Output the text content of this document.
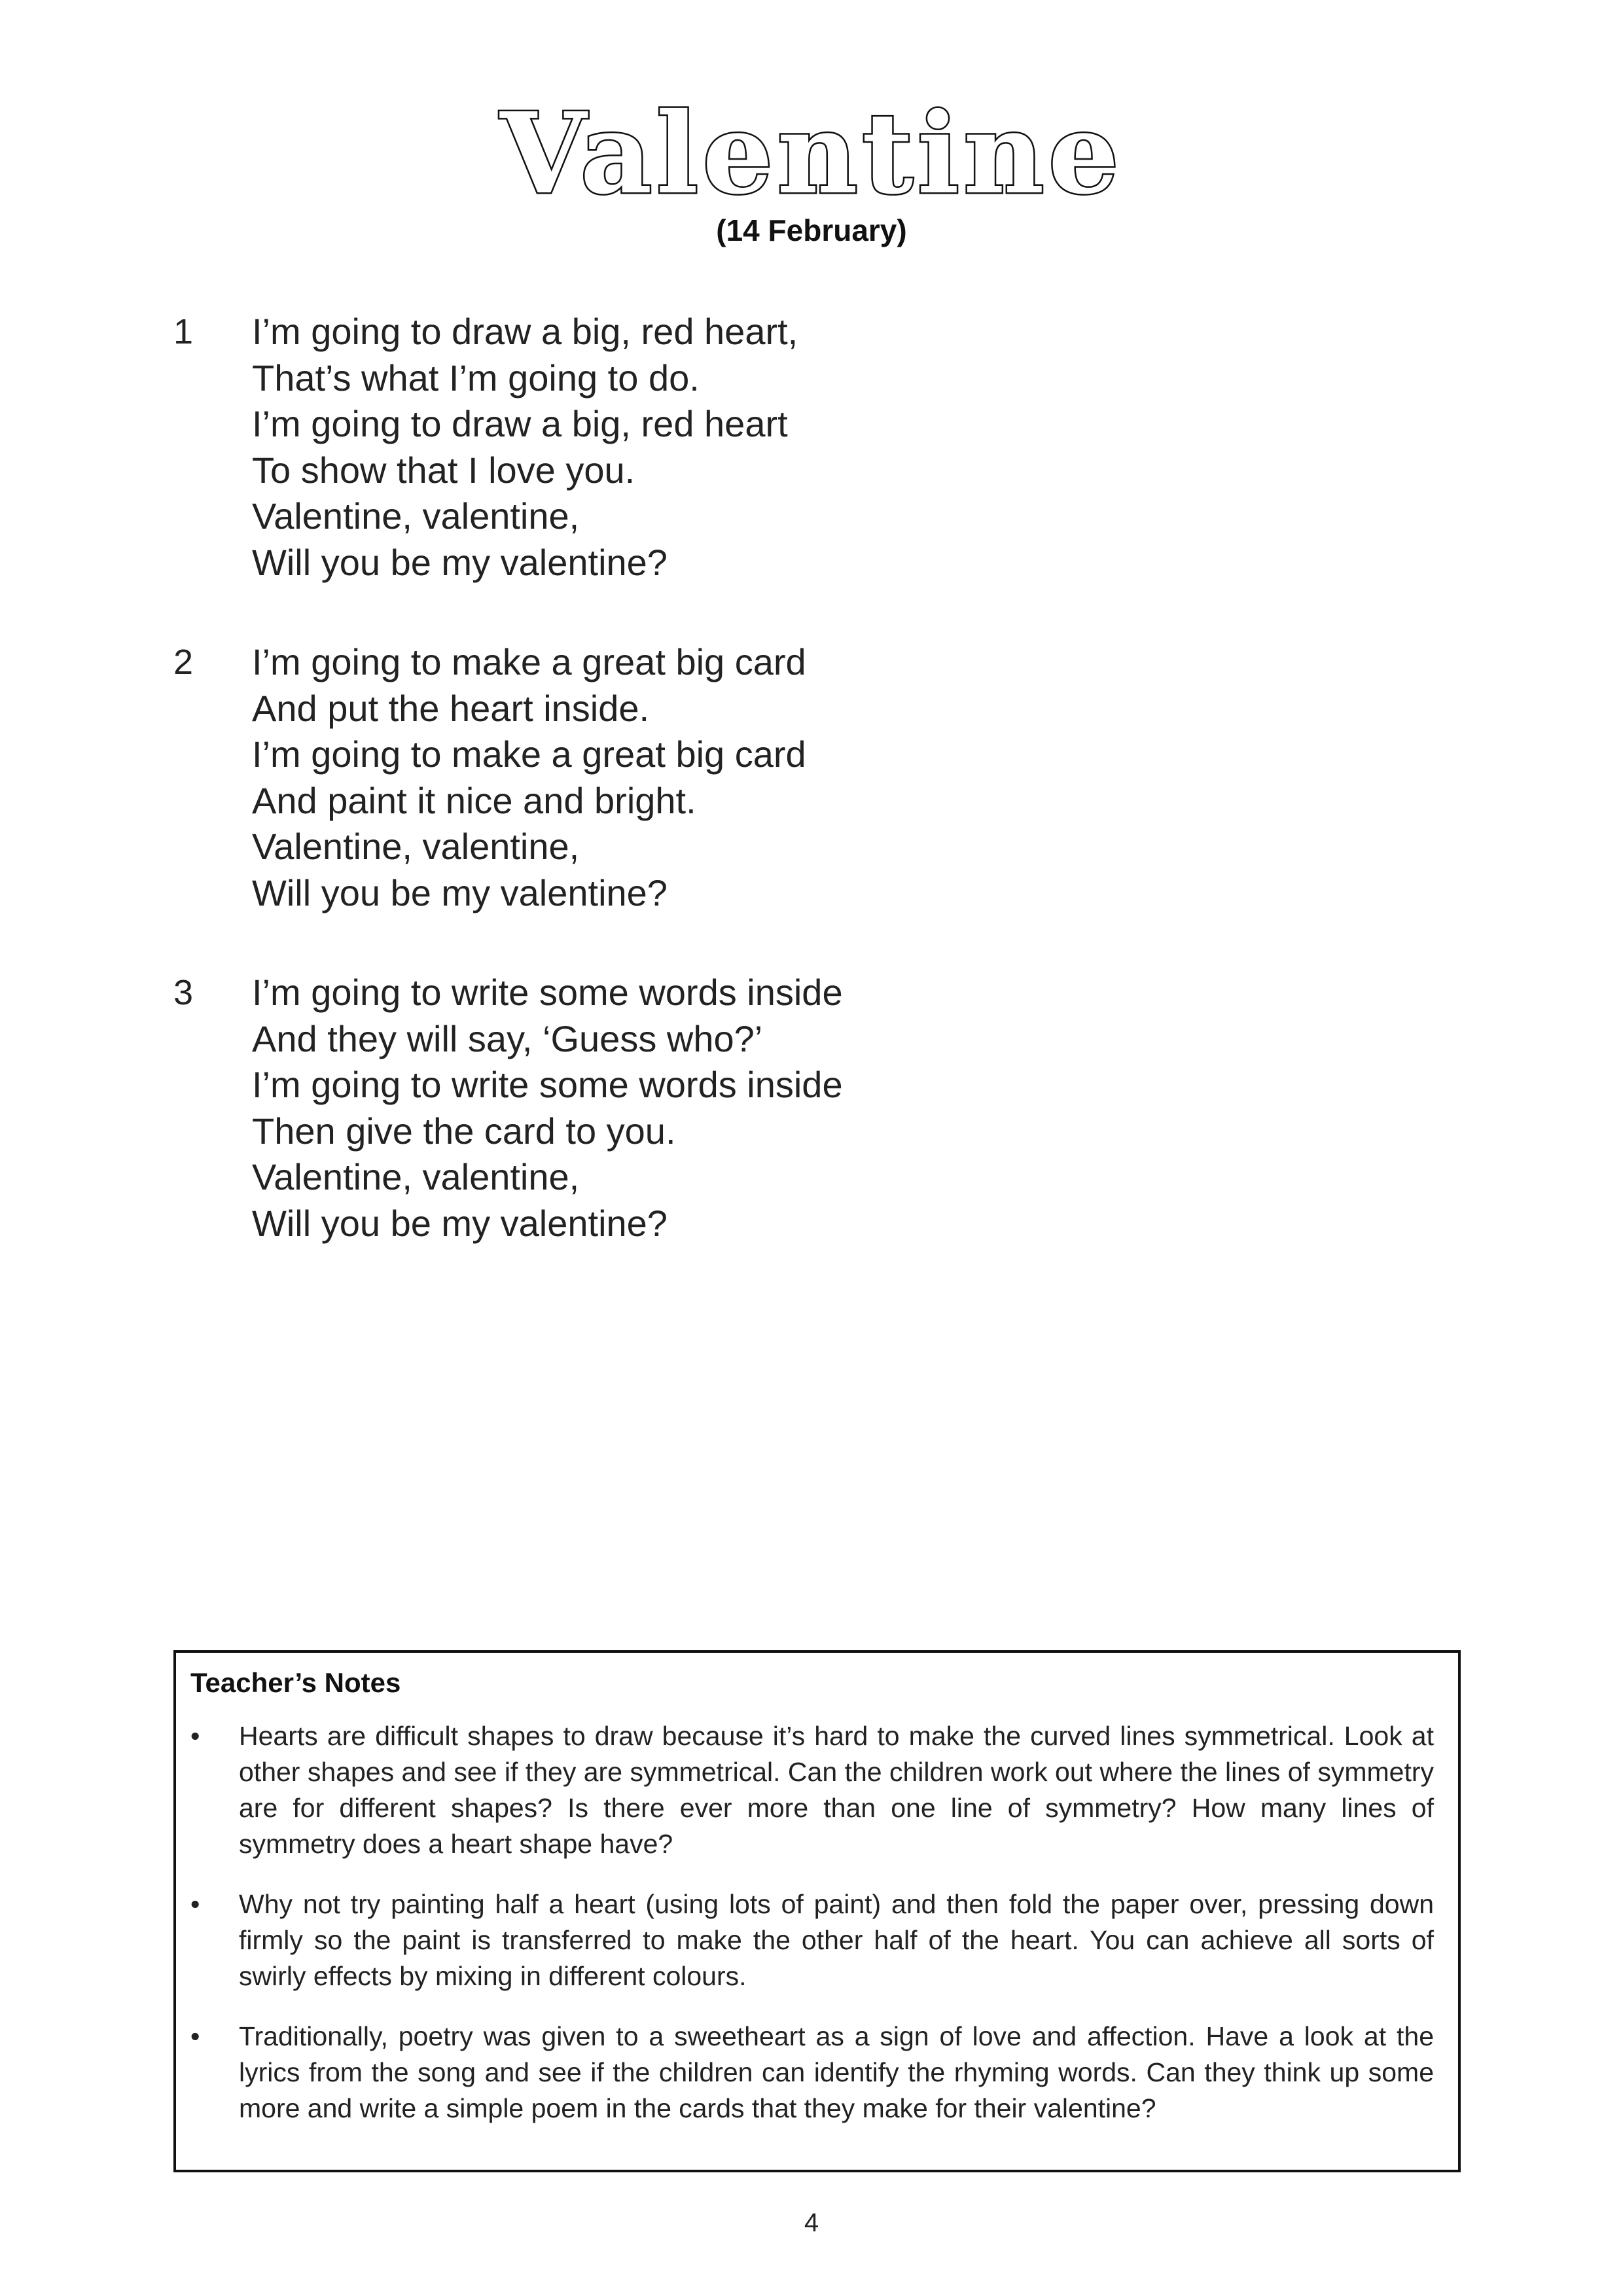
Valentine
(14 February)
1 I’m going to draw a big, red heart,
That’s what I’m going to do.
I’m going to draw a big, red heart
To show that I love you.
Valentine, valentine,
Will you be my valentine?
2 I’m going to make a great big card
And put the heart inside.
I’m going to make a great big card
And paint it nice and bright.
Valentine, valentine,
Will you be my valentine?
3 I’m going to write some words inside
And they will say, ‘Guess who?’
I’m going to write some words inside
Then give the card to you.
Valentine, valentine,
Will you be my valentine?
Teacher’s Notes
• Hearts are difficult shapes to draw because it’s hard to make the curved lines symmetrical. Look at other shapes and see if they are symmetrical. Can the children work out where the lines of symmetry are for different shapes? Is there ever more than one line of symmetry? How many lines of symmetry does a heart shape have?
• Why not try painting half a heart (using lots of paint) and then fold the paper over, pressing down firmly so the paint is transferred to make the other half of the heart. You can achieve all sorts of swirly effects by mixing in different colours.
• Traditionally, poetry was given to a sweetheart as a sign of love and affection. Have a look at the lyrics from the song and see if the children can identify the rhyming words. Can they think up some more and write a simple poem in the cards that they make for their valentine?
4
